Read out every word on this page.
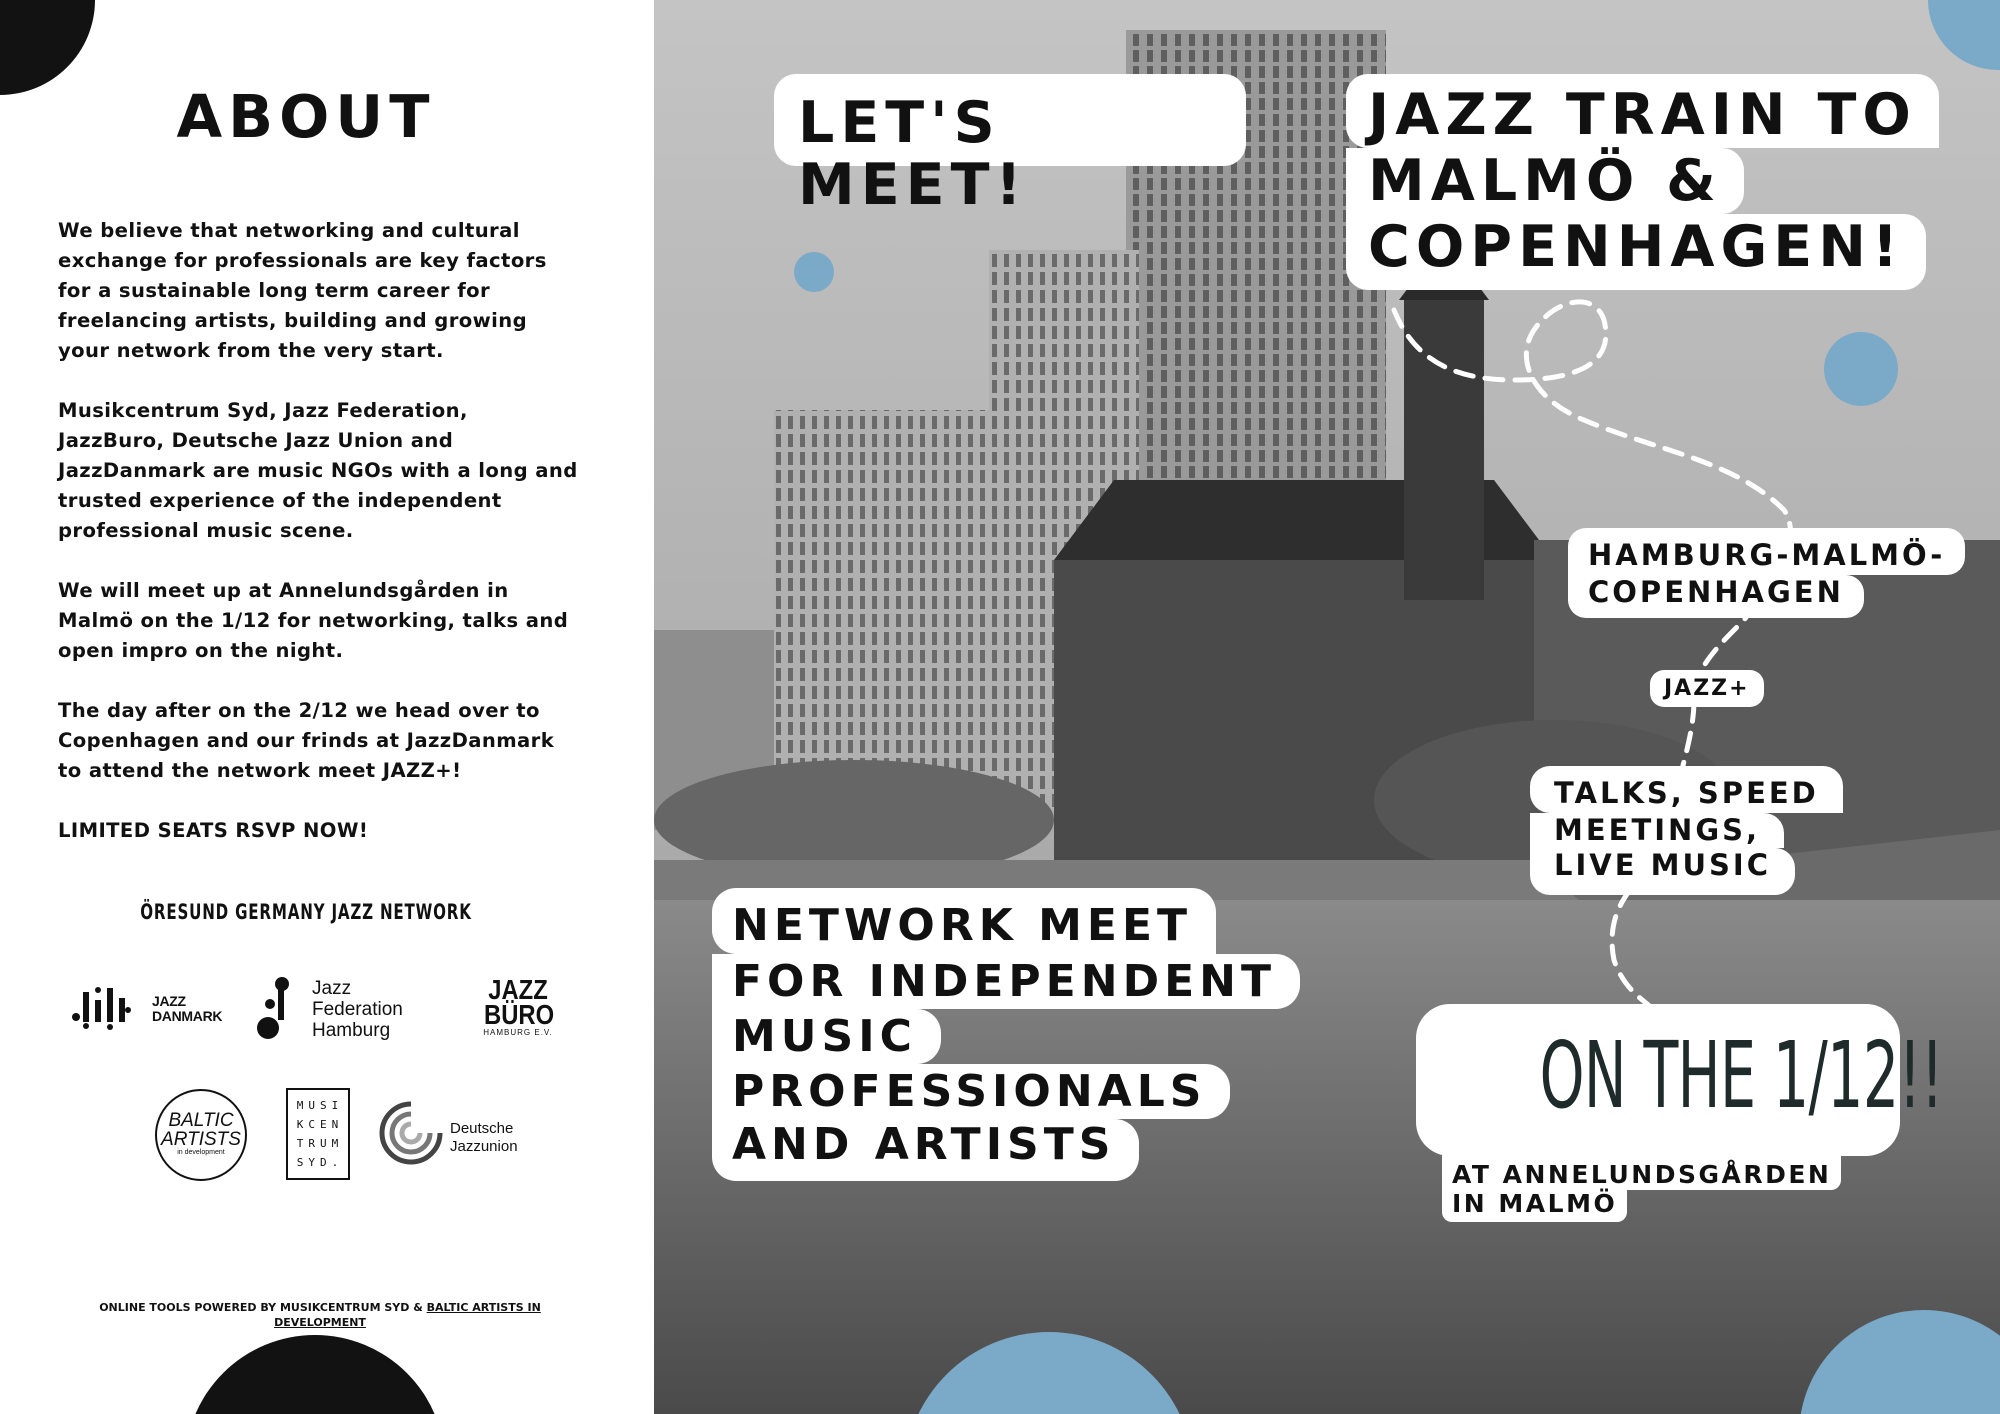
ABOUT

We believe that networking and cultural exchange for professionals are key factors for a sustainable long term career for freelancing artists, building and growing your network from the very start.

Musikcentrum Syd, Jazz Federation, JazzBuro, Deutsche Jazz Union and JazzDanmark are music NGOs with a long and trusted experience of the independent professional music scene.

We will meet up at Annelundsgården in Malmö on the 1/12 for networking, talks and open impro on the night.

The day after on the 2/12 we head over to Copenhagen and our frinds at JazzDanmark to attend the network meet JAZZ+!

LIMITED SEATS RSVP NOW!

ÖRESUND GERMANY JAZZ NETWORK
JAZZ DANMARK
Jazz
Federation
Hamburg
JAZZ
BÜRO
HAMBURG E.V.
BALTIC
ARTISTS
in development
MUSI
KCEN
TRUM
SYD.
Deutsche
Jazzunion
ONLINE TOOLS POWERED BY MUSIKCENTRUM SYD & BALTIC ARTISTS IN DEVELOPMENT
LET'S MEET!
JAZZ TRAIN TO
MALMÖ &
COPENHAGEN!
HAMBURG-MALMÖ-
COPENHAGEN
JAZZ+
TALKS, SPEED
MEETINGS,
LIVE MUSIC
NETWORK MEET
FOR INDEPENDENT
MUSIC
PROFESSIONALS
AND ARTISTS
ON THE 1/12!!
AT ANNELUNDSGÅRDEN
IN MALMÖ
